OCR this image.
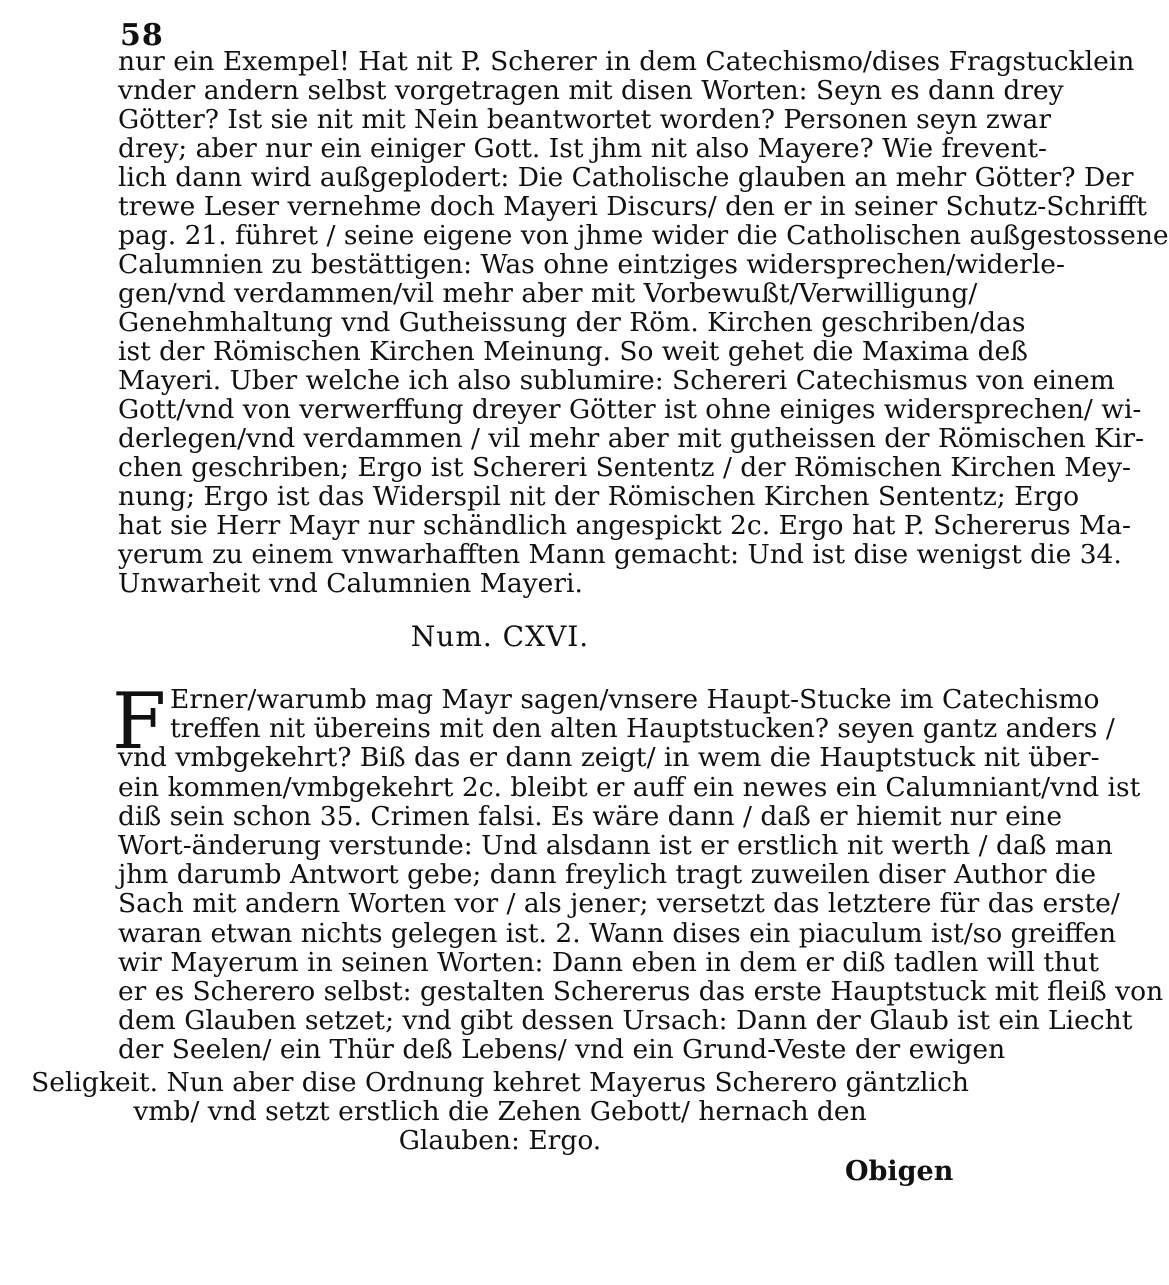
58
nur ein Exempel! Hat nit P. Scherer in dem Catechismo/dises Fragstucklein
vnder andern selbst vorgetragen mit disen Worten: Seyn es dann drey
Götter? Ist sie nit mit Nein beantwortet worden? Personen seyn zwar
drey; aber nur ein einiger Gott. Ist jhm nit also Mayere? Wie frevent-
lich dann wird außgeplodert: Die Catholische glauben an mehr Götter? Der
trewe Leser vernehme doch Mayeri Discurs/ den er in seiner Schutz-Schrifft
pag. 21. führet / seine eigene von jhme wider die Catholischen außgestossene
Calumnien zu bestättigen: Was ohne eintziges widersprechen/widerle-
gen/vnd verdammen/vil mehr aber mit Vorbewußt/Verwilligung/
Genehmhaltung vnd Gutheissung der Röm. Kirchen geschriben/das
ist der Römischen Kirchen Meinung. So weit gehet die Maxima deß
Mayeri. Uber welche ich also sublumire: Schereri Catechismus von einem
Gott/vnd von verwerffung dreyer Götter ist ohne einiges widersprechen/ wi-
derlegen/vnd verdammen / vil mehr aber mit gutheissen der Römischen Kir-
chen geschriben; Ergo ist Schereri Sententz / der Römischen Kirchen Mey-
nung; Ergo ist das Widerspil nit der Römischen Kirchen Sententz; Ergo
hat sie Herr Mayr nur schändlich angespickt 2c. Ergo hat P. Schererus Ma-
yerum zu einem vnwarhafften Mann gemacht: Und ist dise wenigst die 34.
Unwarheit vnd Calumnien Mayeri.
Num. CXVI.
F Erner/warumb mag Mayr sagen/vnsere Haupt-Stucke im Catechismo
treffen nit übereins mit den alten Hauptstucken? seyen gantz anders /
vnd vmbgekehrt? Biß das er dann zeigt/ in wem die Hauptstuck nit über-
ein kommen/vmbgekehrt 2c. bleibt er auff ein newes ein Calumniant/vnd ist
diß sein schon 35. Crimen falsi. Es wäre dann / daß er hiemit nur eine
Wort-änderung verstunde: Und alsdann ist er erstlich nit werth / daß man
jhm darumb Antwort gebe; dann freylich tragt zuweilen diser Author die
Sach mit andern Worten vor / als jener; versetzt das letztere für das erste/
waran etwan nichts gelegen ist. 2. Wann dises ein piaculum ist/so greiffen
wir Mayerum in seinen Worten: Dann eben in dem er diß tadlen will thut
er es Scherero selbst: gestalten Schererus das erste Hauptstuck mit fleiß von
dem Glauben setzet; vnd gibt dessen Ursach: Dann der Glaub ist ein Liecht
der Seelen/ ein Thür deß Lebens/ vnd ein Grund-Veste der ewigen
Seligkeit. Nun aber dise Ordnung kehret Mayerus Scherero gäntzlich
vmb/ vnd setzt erstlich die Zehen Gebott/ hernach den
Glauben: Ergo.
Obigen
